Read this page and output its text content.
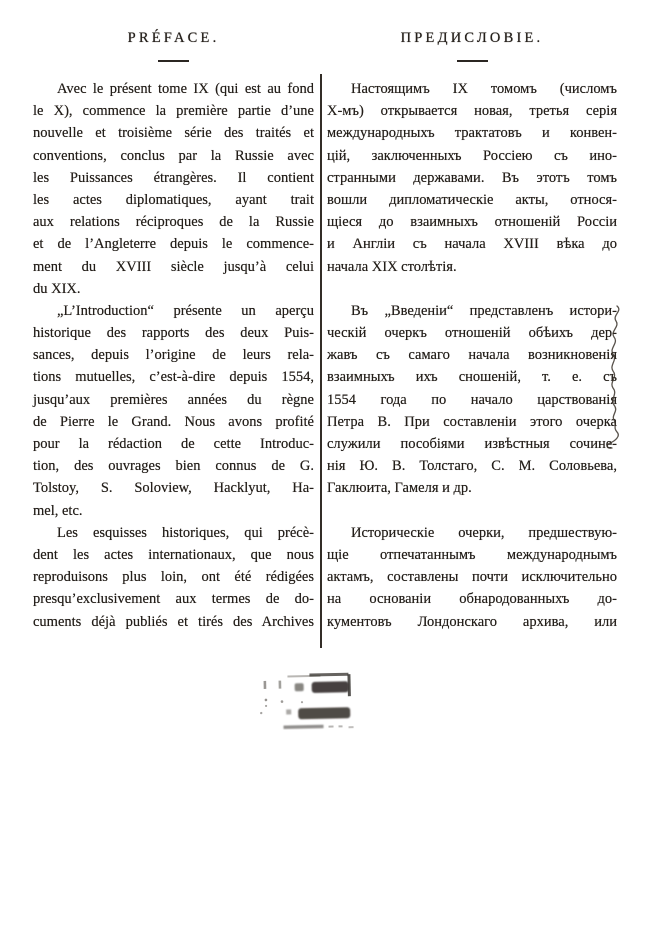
PRÉFACE.
Avec le présent tome IX (qui est au fond
le X), commence la première partie d’une
nouvelle et troisième série des traités et
conventions, conclus par la Russie avec
les Puissances étrangères. Il contient
les actes diplomatiques, ayant trait
aux relations réciproques de la Russie
et de l’Angleterre depuis le commence-
ment du XVIII siècle jusqu’à celui
du XIX.
„L’Introduction“ présente un aperçu
historique des rapports des deux Puis-
sances, depuis l’origine de leurs rela-
tions mutuelles, c’est-à-dire depuis 1554,
jusqu’aux premières années du règne
de Pierre le Grand. Nous avons profité
pour la rédaction de cette Introduc-
tion, des ouvrages bien connus de G.
Tolstoy, S. Soloview, Hacklyut, Ha-
mel, etc.
Les esquisses historiques, qui précè-
dent les actes internationaux, que nous
reproduisons plus loin, ont été rédigées
presqu’exclusivement aux termes de do-
cuments déjà publiés et tirés des Archives
ПРЕДИСЛОВІЕ.
Настоящимъ IX томомъ (числомъ
Х-мъ) открывается новая, третья серія
международныхъ трактатовъ и конвен-
цій, заключенныхъ Россіею съ ино-
странными державами. Въ этотъ томъ
вошли дипломатическіе акты, относя-
щіеся до взаимныхъ отношеній Россіи
и Англіи съ начала XVIII вѣка до
начала XIX столѣтія.
Въ „Введеніи“ представленъ истори-
ческій очеркъ отношеній обѣихъ дер-
жавъ съ самаго начала возникновенія
взаимныхъ ихъ сношеній, т. е. съ
1554 года по начало царствованія
Петра В. При составленіи этого очерка
служили пособіями извѣстныя сочине-
нія Ю. В. Толстаго, С. М. Соловьева,
Гаклюита, Гамеля и др.
Историческіе очерки, предшествую-
щіе отпечатаннымъ международнымъ
актамъ, составлены почти исключительно
на основаніи обнародованныхъ до-
кументовъ Лондонскаго архива, или
